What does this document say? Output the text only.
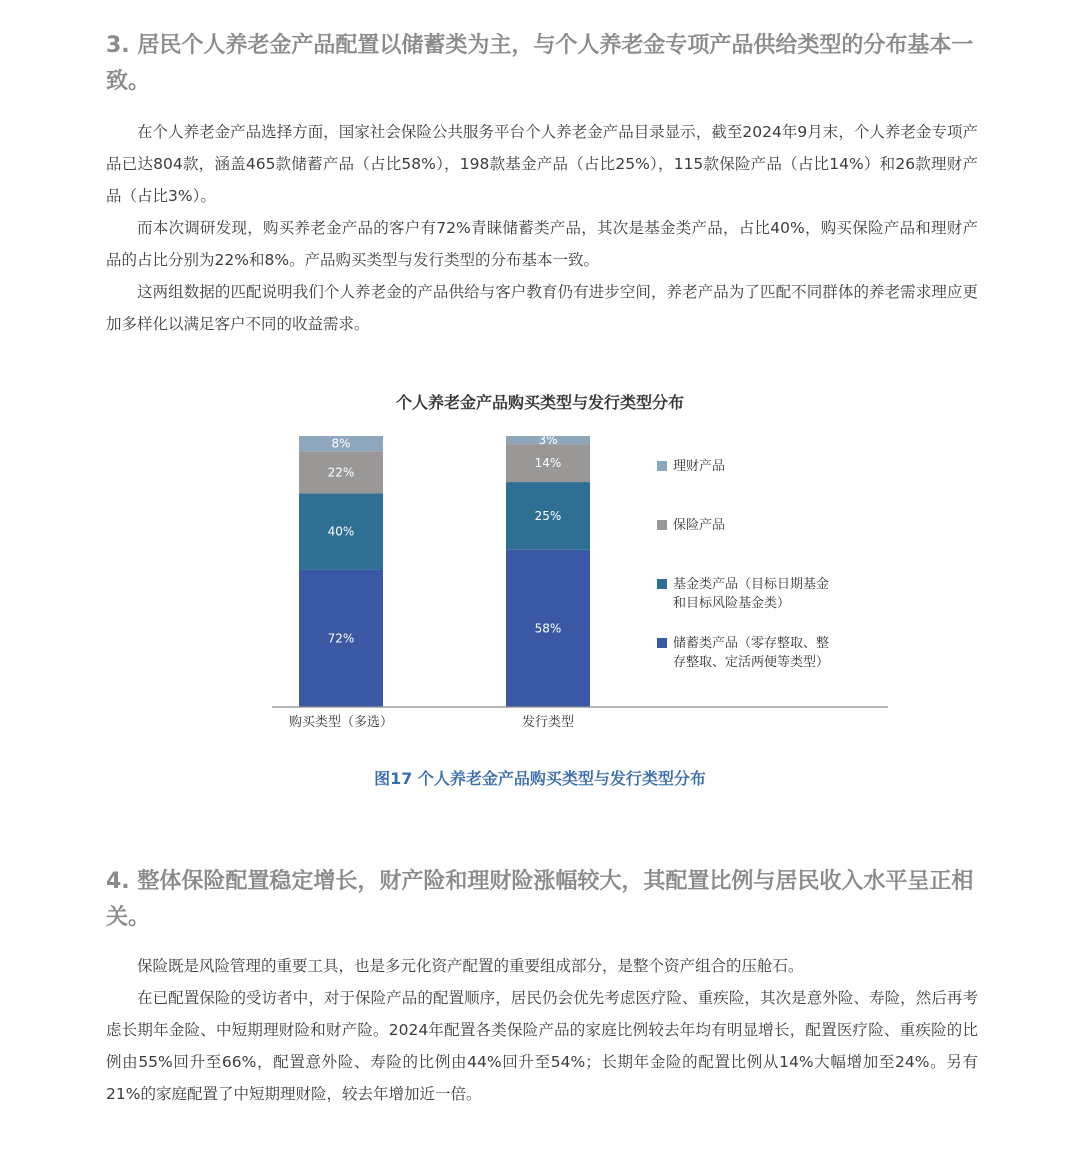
3. 居民个人养老金产品配置以储蓄类为主，与个人养老金专项产品供给类型的分布基本一致。

在个人养老金产品选择方面，国家社会保险公共服务平台个人养老金产品目录显示，截至2024年9月末，个人养老金专项产品已达804款，涵盖465款储蓄产品（占比58%），198款基金产品（占比25%），115款保险产品（占比14%）和26款理财产品（占比3%）。

而本次调研发现，购买养老金产品的客户有72%青睐储蓄类产品，其次是基金类产品，占比40%，购买保险产品和理财产品的占比分别为22%和8%。产品购买类型与发行类型的分布基本一致。

这两组数据的匹配说明我们个人养老金的产品供给与客户教育仍有进步空间，养老产品为了匹配不同群体的养老需求理应更加多样化以满足客户不同的收益需求。

个人养老金产品购买类型与发行类型分布
72%
40%
22%
8%
58%
25%
14%
3%
购买类型（多选）	发行类型
理财产品
保险产品
基金类产品（目标日期基金
和目标风险基金类）
储蓄类产品（零存整取、整
存整取、定活两便等类型）

图17 个人养老金产品购买类型与发行类型分布

4. 整体保险配置稳定增长，财产险和理财险涨幅较大，其配置比例与居民收入水平呈正相关。

保险既是风险管理的重要工具，也是多元化资产配置的重要组成部分，是整个资产组合的压舱石。

在已配置保险的受访者中，对于保险产品的配置顺序，居民仍会优先考虑医疗险、重疾险，其次是意外险、寿险，然后再考虑长期年金险、中短期理财险和财产险。2024年配置各类保险产品的家庭比例较去年均有明显增长，配置医疗险、重疾险的比例由55%回升至66%，配置意外险、寿险的比例由44%回升至54%；长期年金险的配置比例从14%大幅增加至24%。另有21%的家庭配置了中短期理财险，较去年增加近一倍。
